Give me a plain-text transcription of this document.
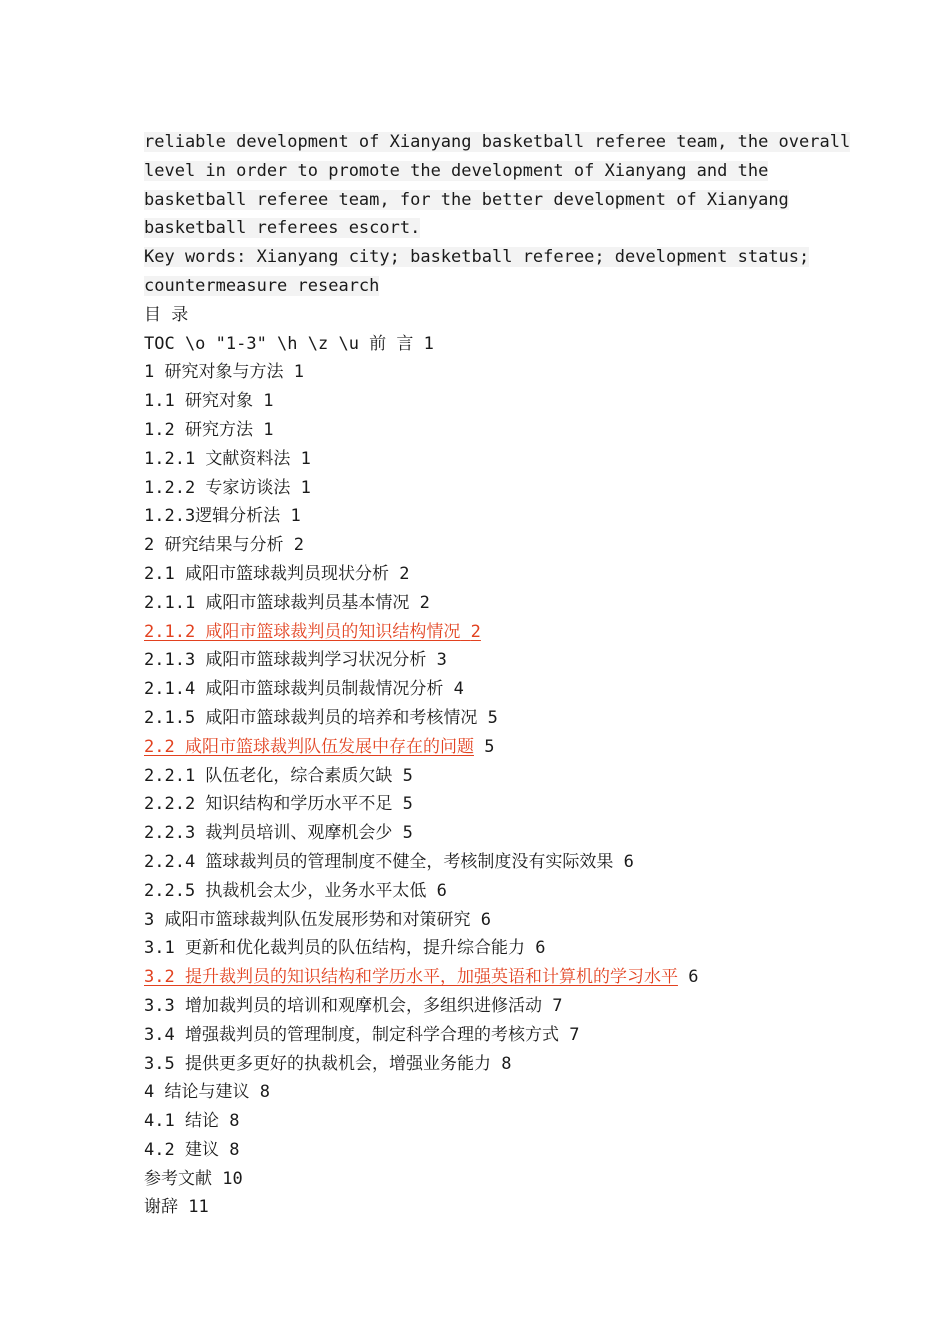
reliable development of Xianyang basketball referee team, the overall
level in order to promote the development of Xianyang and the
basketball referee team, for the better development of Xianyang
basketball referees escort.
Key words: Xianyang city; basketball referee; development status;
countermeasure research
目 录
TOC \o "1-3" \h \z \u 前 言 1
1 研究对象与方法 1
1.1 研究对象 1
1.2 研究方法 1
1.2.1 文献资料法 1
1.2.2 专家访谈法 1
1.2.3逻辑分析法 1
2 研究结果与分析 2
2.1 咸阳市篮球裁判员现状分析 2
2.1.1 咸阳市篮球裁判员基本情况 2
2.1.2 咸阳市篮球裁判员的知识结构情况 2
2.1.3 咸阳市篮球裁判学习状况分析 3
2.1.4 咸阳市篮球裁判员制裁情况分析 4
2.1.5 咸阳市篮球裁判员的培养和考核情况 5
2.2 咸阳市篮球裁判队伍发展中存在的问题 5
2.2.1 队伍老化，综合素质欠缺 5
2.2.2 知识结构和学历水平不足 5
2.2.3 裁判员培训、观摩机会少 5
2.2.4 篮球裁判员的管理制度不健全，考核制度没有实际效果 6
2.2.5 执裁机会太少，业务水平太低 6
3 咸阳市篮球裁判队伍发展形势和对策研究 6
3.1 更新和优化裁判员的队伍结构，提升综合能力 6
3.2 提升裁判员的知识结构和学历水平，加强英语和计算机的学习水平 6
3.3 增加裁判员的培训和观摩机会，多组织进修活动 7
3.4 增强裁判员的管理制度，制定科学合理的考核方式 7
3.5 提供更多更好的执裁机会，增强业务能力 8
4 结论与建议 8
4.1 结论 8
4.2 建议 8
参考文献 10
谢辞 11
